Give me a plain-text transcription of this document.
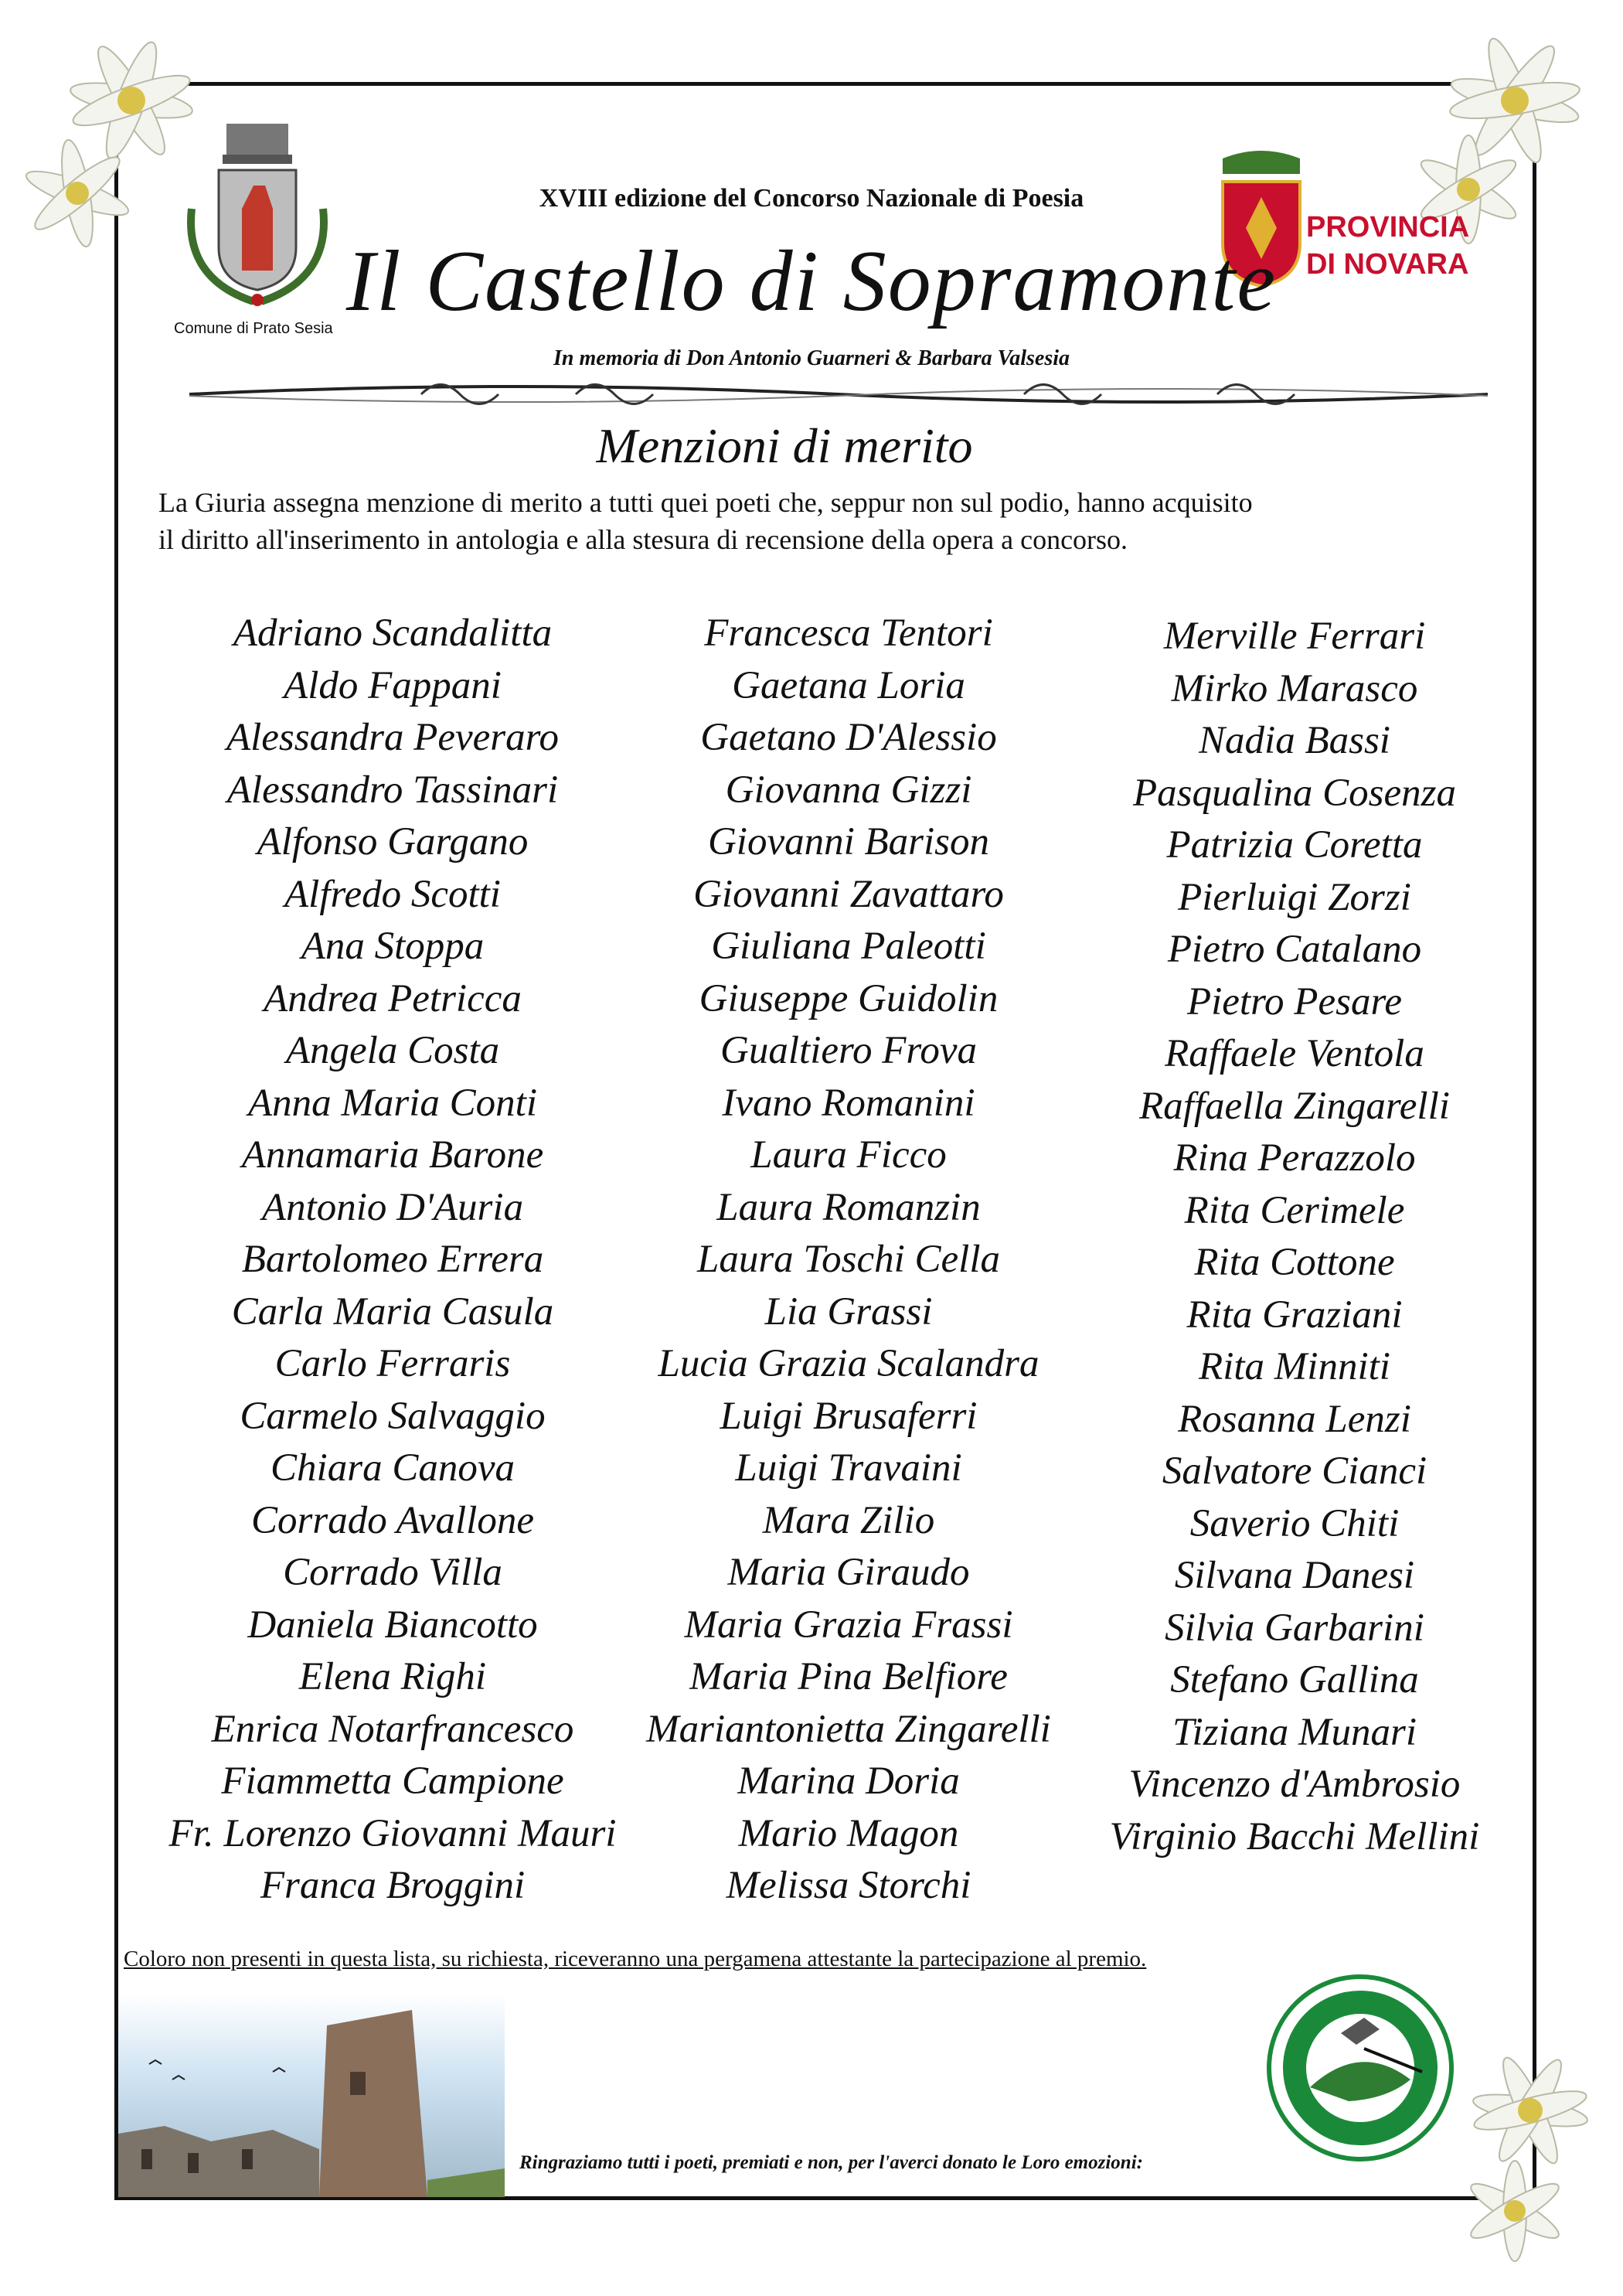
Comune di Prato Sesia
PROVINCIA
DI NOVARA
XVIII edizione del Concorso Nazionale di Poesia
Il Castello di Sopramonte
In memoria di Don Antonio Guarneri & Barbara Valsesia
Menzioni di merito
La Giuria assegna menzione di merito a tutti quei poeti che, seppur non sul podio, hanno acquisito
il diritto all'inserimento in antologia e alla stesura di recensione della opera a concorso.
Adriano Scandalitta
Aldo Fappani
Alessandra Peveraro
Alessandro Tassinari
Alfonso Gargano
Alfredo Scotti
Ana Stoppa
Andrea Petricca
Angela Costa
Anna Maria Conti
Annamaria Barone
Antonio D'Auria
Bartolomeo Errera
Carla Maria Casula
Carlo Ferraris
Carmelo Salvaggio
Chiara Canova
Corrado Avallone
Corrado Villa
Daniela Biancotto
Elena Righi
Enrica Notarfrancesco
Fiammetta Campione
Fr. Lorenzo Giovanni Mauri
Franca Broggini
Francesca Tentori
Gaetana Loria
Gaetano D'Alessio
Giovanna Gizzi
Giovanni Barison
Giovanni Zavattaro
Giuliana Paleotti
Giuseppe Guidolin
Gualtiero Frova
Ivano Romanini
Laura Ficco
Laura Romanzin
Laura Toschi Cella
Lia Grassi
Lucia Grazia Scalandra
Luigi Brusaferri
Luigi Travaini
Mara Zilio
Maria Giraudo
Maria Grazia Frassi
Maria Pina Belfiore
Mariantonietta Zingarelli
Marina Doria
Mario Magon
Melissa Storchi
Merville Ferrari
Mirko Marasco
Nadia Bassi
Pasqualina Cosenza
Patrizia Coretta
Pierluigi Zorzi
Pietro Catalano
Pietro Pesare
Raffaele Ventola
Raffaella Zingarelli
Rina Perazzolo
Rita Cerimele
Rita Cottone
Rita Graziani
Rita Minniti
Rosanna Lenzi
Salvatore Cianci
Saverio Chiti
Silvana Danesi
Silvia Garbarini
Stefano Gallina
Tiziana Munari
Vincenzo d'Ambrosio
Virginio Bacchi Mellini
Coloro non presenti in questa lista, su richiesta, riceveranno una pergamena attestante la partecipazione al premio.
Ringraziamo tutti i poeti, premiati e non, per l'averci donato le Loro emozioni:
